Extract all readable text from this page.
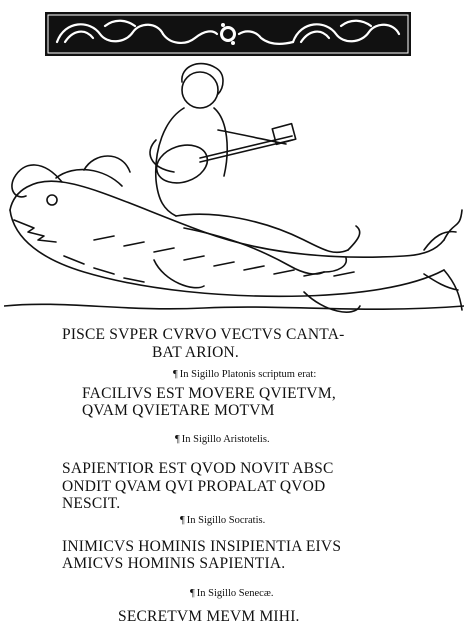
PISCE SVPER CVRVO VECTVS CANTA-
BAT ARION.
¶ In Sigillo Platonis scriptum erat:
FACILIVS EST MOVERE QVIETVM,
QVAM QVIETARE MOTVM
¶ In Sigillo Aristotelis.
SAPIENTIOR EST QVOD NOVIT ABSC
ONDIT QVAM QVI PROPALAT QVOD
NESCIT.
¶ In Sigillo Socratis.
INIMICVS HOMINIS INSIPIENTIA EIVS
AMICVS HOMINIS SAPIENTIA.
¶ In Sigillo Senecæ.
SECRETVM MEVM MIHI.
